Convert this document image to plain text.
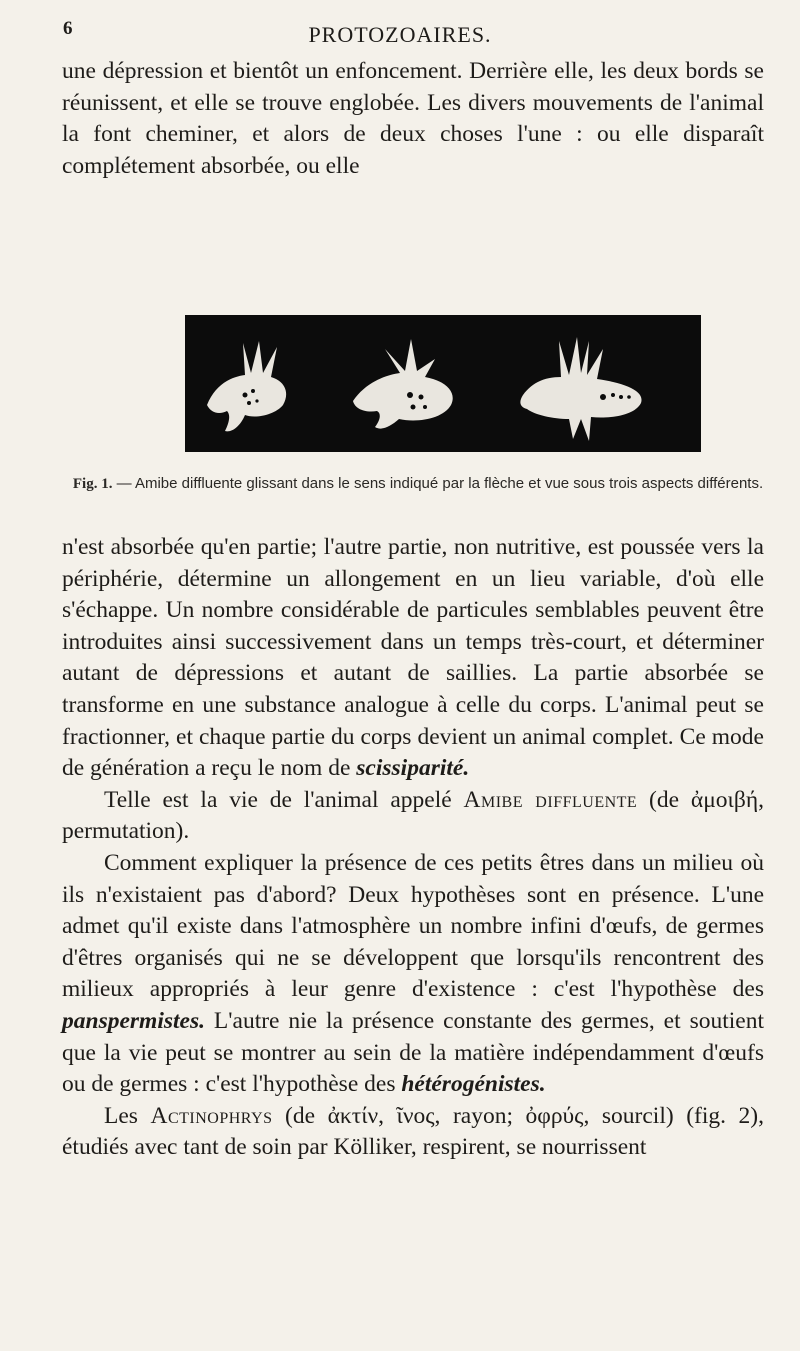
6	PROTOZOAIRES.

une dépression et bientôt un enfoncement. Derrière elle, les deux bords se réunissent, et elle se trouve englobée. Les divers mouvements de l'animal la font cheminer, et alors de deux choses l'une : ou elle disparaît complétement absorbée, ou elle

Fig. 1. — Amibe diffluente glissant dans le sens indiqué par la flèche et vue sous trois aspects différents.

n'est absorbée qu'en partie; l'autre partie, non nutritive, est poussée vers la périphérie, détermine un allongement en un lieu variable, d'où elle s'échappe. Un nombre considérable de particules semblables peuvent être introduites ainsi successivement dans un temps très-court, et déterminer autant de dépressions et autant de saillies. La partie absorbée se transforme en une substance analogue à celle du corps. L'animal peut se fractionner, et chaque partie du corps devient un animal complet. Ce mode de génération a reçu le nom de scissiparité.

Telle est la vie de l'animal appelé Amibe diffluente (de ἀμοιβή, permutation).

Comment expliquer la présence de ces petits êtres dans un milieu où ils n'existaient pas d'abord? Deux hypothèses sont en présence. L'une admet qu'il existe dans l'atmosphère un nombre infini d'œufs, de germes d'êtres organisés qui ne se développent que lorsqu'ils rencontrent des milieux appropriés à leur genre d'existence : c'est l'hypothèse des panspermistes. L'autre nie la présence constante des germes, et soutient que la vie peut se montrer au sein de la matière indépendamment d'œufs ou de germes : c'est l'hypothèse des hétérogénistes.

Les Actinophrys (de ἀκτίν, ῖνος, rayon; ὀφρύς, sourcil) (fig. 2), étudiés avec tant de soin par Kölliker, respirent, se nourrissent
